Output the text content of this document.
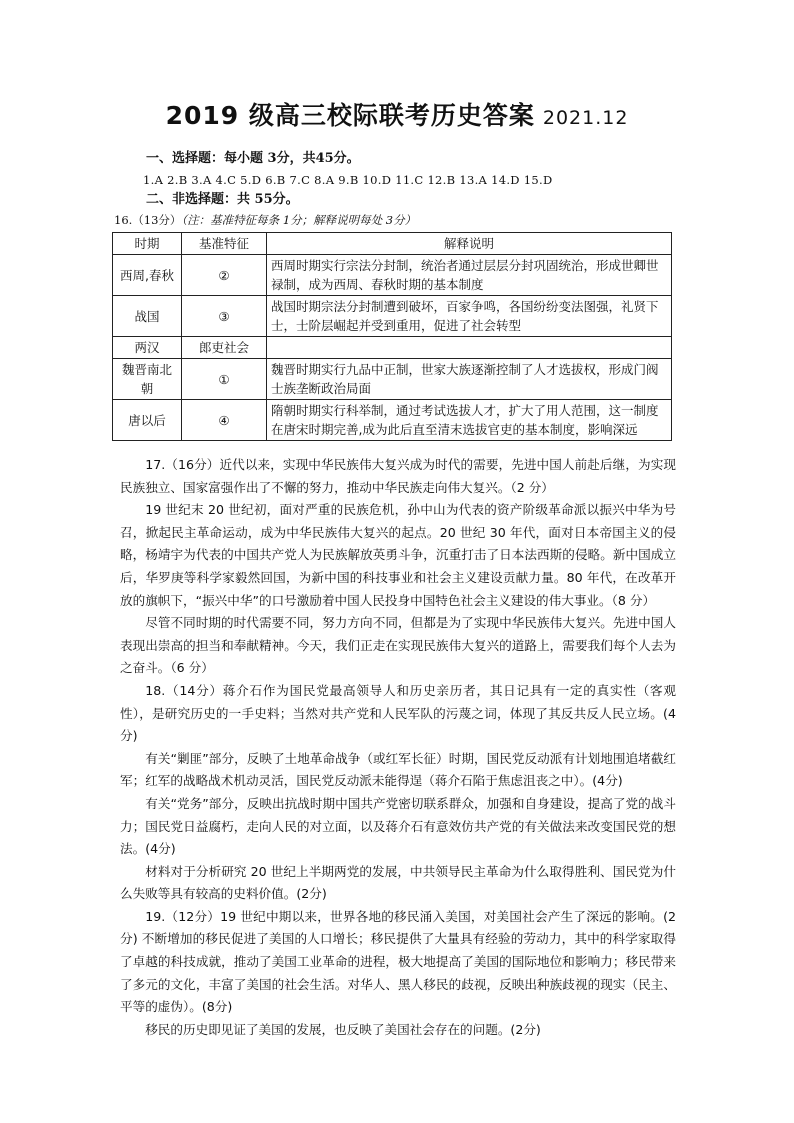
2019 级高三校际联考历史答案 2021.12
一、选择题：每小题 3分，共45分。
1.A 2.B 3.A 4.C 5.D 6.B 7.C 8.A 9.B 10.D 11.C 12.B 13.A 14.D 15.D
二、非选择题：共 55分。
16.（13分）（注：基准特征每条 1分；解释说明每处 3分）
时期	基准特征	解释说明
西周,春秋	②	西周时期实行宗法分封制，统治者通过层层分封巩固统治，形成世卿世禄制，成为西周、春秋时期的基本制度
战国	③	战国时期宗法分封制遭到破坏，百家争鸣，各国纷纷变法图强，礼贤下士，士阶层崛起并受到重用，促进了社会转型
两汉	郎吏社会	
魏晋南北朝	①	魏晋时期实行九品中正制，世家大族逐渐控制了人才选拔权，形成门阀士族垄断政治局面
唐以后	④	隋朝时期实行科举制，通过考试选拔人才，扩大了用人范围，这一制度在唐宋时期完善,成为此后直至清末选拔官吏的基本制度，影响深远

17.（16分）近代以来，实现中华民族伟大复兴成为时代的需要，先进中国人前赴后继，为实现民族独立、国家富强作出了不懈的努力，推动中华民族走向伟大复兴。（2 分）

19 世纪末 20 世纪初，面对严重的民族危机，孙中山为代表的资产阶级革命派以振兴中华为号召，掀起民主革命运动，成为中华民族伟大复兴的起点。20 世纪 30 年代，面对日本帝国主义的侵略，杨靖宇为代表的中国共产党人为民族解放英勇斗争，沉重打击了日本法西斯的侵略。新中国成立后，华罗庚等科学家毅然回国，为新中国的科技事业和社会主义建设贡献力量。80 年代，在改革开放的旗帜下，“振兴中华”的口号激励着中国人民投身中国特色社会主义建设的伟大事业。（8 分）

尽管不同时期的时代需要不同，努力方向不同，但都是为了实现中华民族伟大复兴。先进中国人表现出崇高的担当和奉献精神。今天，我们正走在实现民族伟大复兴的道路上，需要我们每个人去为之奋斗。（6 分）

18.（14分）蒋介石作为国民党最高领导人和历史亲历者，其日记具有一定的真实性（客观性），是研究历史的一手史料；当然对共产党和人民军队的污蔑之词，体现了其反共反人民立场。(4分)

有关“剿匪”部分，反映了土地革命战争（或红军长征）时期，国民党反动派有计划地围追堵截红军；红军的战略战术机动灵活，国民党反动派未能得逞（蒋介石陷于焦虑沮丧之中）。(4分)

有关“党务”部分，反映出抗战时期中国共产党密切联系群众，加强和自身建设，提高了党的战斗力；国民党日益腐朽，走向人民的对立面，以及蒋介石有意效仿共产党的有关做法来改变国民党的想法。(4分)

材料对于分析研究 20 世纪上半期两党的发展，中共领导民主革命为什么取得胜利、国民党为什么失败等具有较高的史料价值。(2分)

19.（12分）19 世纪中期以来，世界各地的移民涌入美国，对美国社会产生了深远的影响。(2分) 不断增加的移民促进了美国的人口增长；移民提供了大量具有经验的劳动力，其中的科学家取得了卓越的科技成就，推动了美国工业革命的进程，极大地提高了美国的国际地位和影响力；移民带来了多元的文化，丰富了美国的社会生活。对华人、黑人移民的歧视，反映出种族歧视的现实（民主、平等的虚伪）。(8分)

移民的历史即见证了美国的发展，也反映了美国社会存在的问题。(2分)
